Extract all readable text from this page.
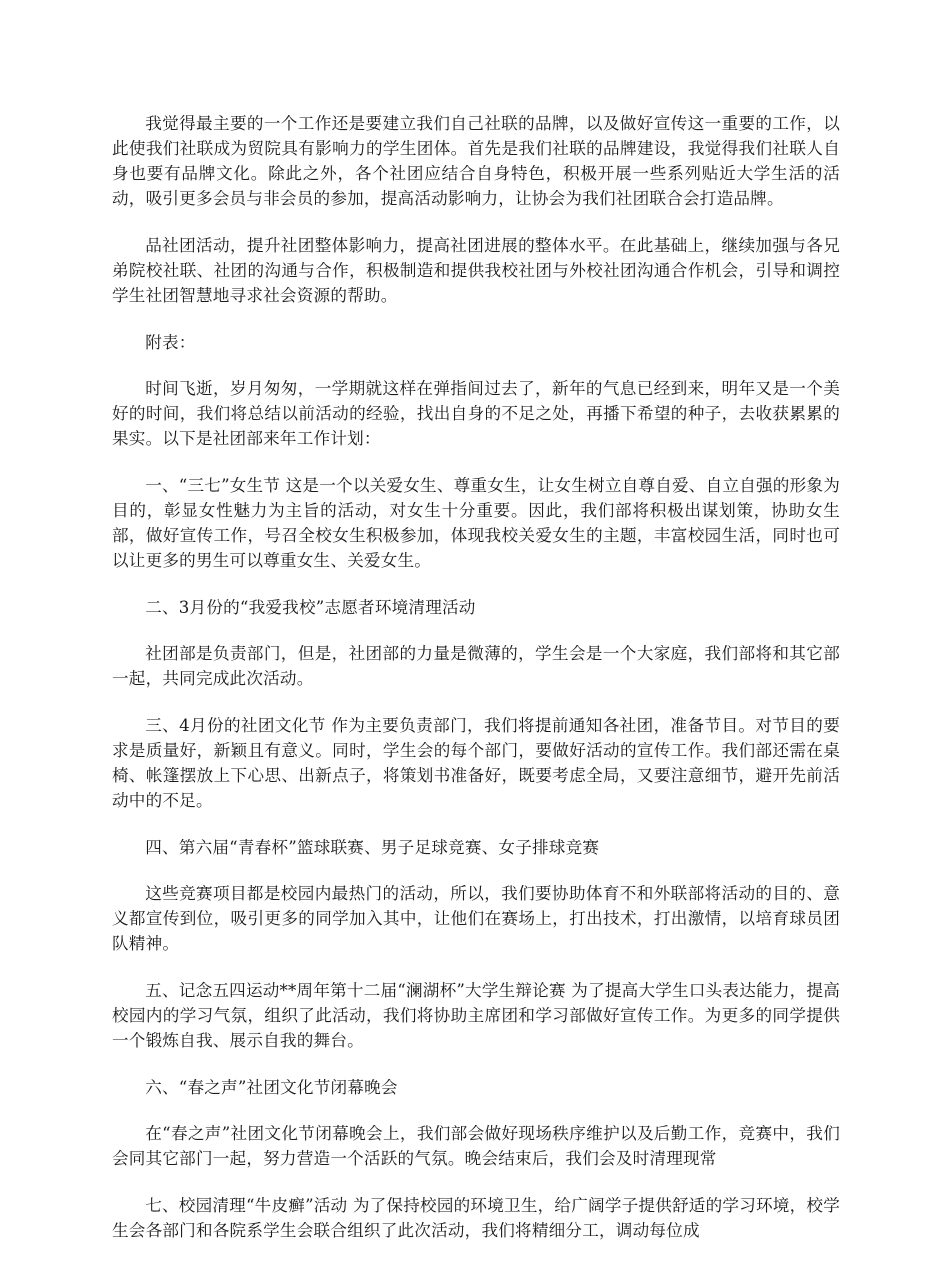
我觉得最主要的一个工作还是要建立我们自己社联的品牌，以及做好宣传这一重要的工作，以此使我们社联成为贸院具有影响力的学生团体。首先是我们社联的品牌建设，我觉得我们社联人自身也要有品牌文化。除此之外，各个社团应结合自身特色，积极开展一些系列贴近大学生活的活动，吸引更多会员与非会员的参加，提高活动影响力，让协会为我们社团联合会打造品牌。

品社团活动，提升社团整体影响力，提高社团进展的整体水平。在此基础上，继续加强与各兄弟院校社联、社团的沟通与合作，积极制造和提供我校社团与外校社团沟通合作机会，引导和调控学生社团智慧地寻求社会资源的帮助。

附表：

时间飞逝，岁月匆匆，一学期就这样在弹指间过去了，新年的气息已经到来，明年又是一个美好的时间，我们将总结以前活动的经验，找出自身的不足之处，再播下希望的种子，去收获累累的果实。以下是社团部来年工作计划：

一、“三七”女生节 这是一个以关爱女生、尊重女生，让女生树立自尊自爱、自立自强的形象为目的，彰显女性魅力为主旨的活动，对女生十分重要。因此，我们部将积极出谋划策，协助女生部，做好宣传工作，号召全校女生积极参加，体现我校关爱女生的主题，丰富校园生活，同时也可以让更多的男生可以尊重女生、关爱女生。

二、3月份的“我爱我校”志愿者环境清理活动

社团部是负责部门，但是，社团部的力量是微薄的，学生会是一个大家庭，我们部将和其它部一起，共同完成此次活动。

三、4月份的社团文化节 作为主要负责部门，我们将提前通知各社团，准备节目。对节目的要求是质量好，新颖且有意义。同时，学生会的每个部门，要做好活动的宣传工作。我们部还需在桌椅、帐篷摆放上下心思、出新点子，将策划书准备好，既要考虑全局，又要注意细节，避开先前活动中的不足。

四、第六届“青春杯”篮球联赛、男子足球竞赛、女子排球竞赛

这些竞赛项目都是校园内最热门的活动，所以，我们要协助体育不和外联部将活动的目的、意义都宣传到位，吸引更多的同学加入其中，让他们在赛场上，打出技术，打出激情，以培育球员团队精神。

五、记念五四运动**周年第十二届“澜湖杯”大学生辩论赛 为了提高大学生口头表达能力，提高校园内的学习气氛，组织了此活动，我们将协助主席团和学习部做好宣传工作。为更多的同学提供一个锻炼自我、展示自我的舞台。

六、“春之声”社团文化节闭幕晚会

在“春之声”社团文化节闭幕晚会上，我们部会做好现场秩序维护以及后勤工作，竞赛中，我们会同其它部门一起，努力营造一个活跃的气氛。晚会结束后，我们会及时清理现常

七、校园清理“牛皮癣”活动 为了保持校园的环境卫生，给广阔学子提供舒适的学习环境，校学生会各部门和各院系学生会联合组织了此次活动，我们将精细分工，调动每位成
